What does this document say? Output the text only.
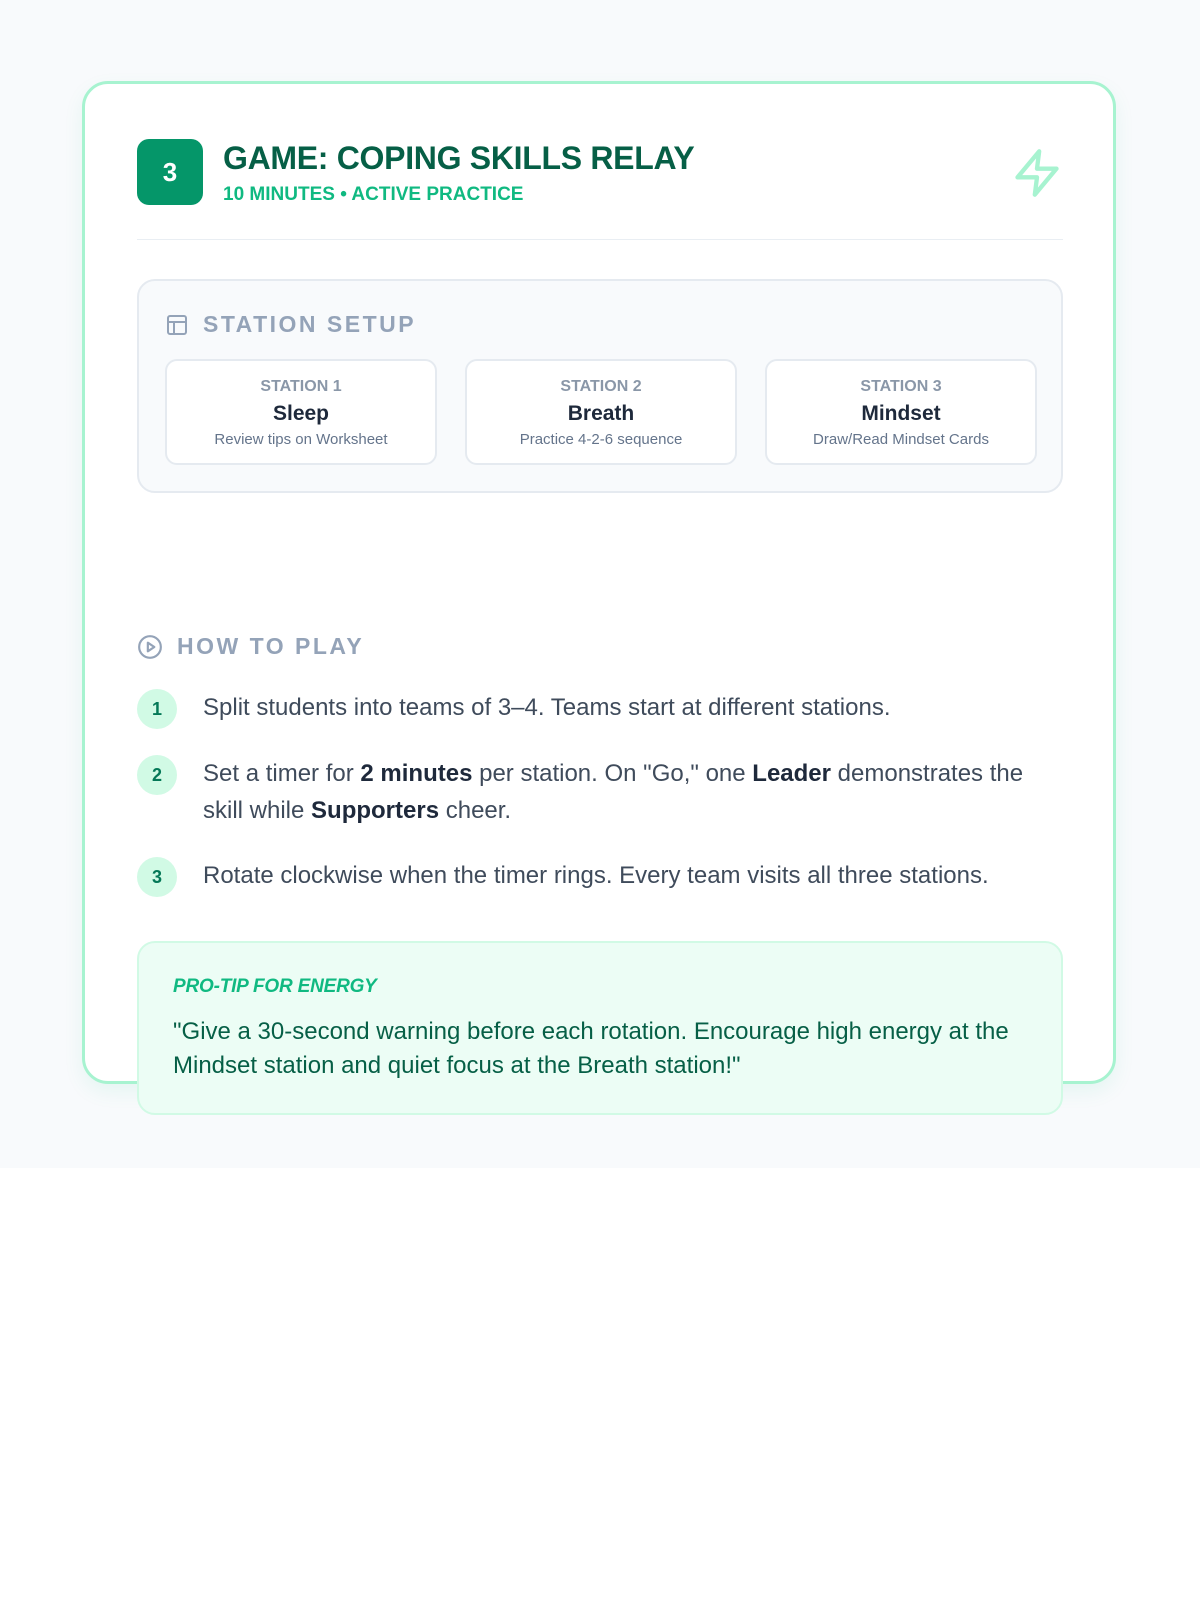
3	GAME: COPING SKILLS RELAY
10 MINUTES • ACTIVE PRACTICE
STATION SETUP
STATION 1
Sleep
Review tips on Worksheet
STATION 2
Breath
Practice 4-2-6 sequence
STATION 3
Mindset
Draw/Read Mindset Cards
HOW TO PLAY
1	Split students into teams of 3–4. Teams start at different stations.
2	Set a timer for 2 minutes per station. On "Go," one Leader demonstrates the skill while Supporters cheer.
3	Rotate clockwise when the timer rings. Every team visits all three stations.
PRO-TIP FOR ENERGY
"Give a 30-second warning before each rotation. Encourage high energy at the Mindset station and quiet focus at the Breath station!"
